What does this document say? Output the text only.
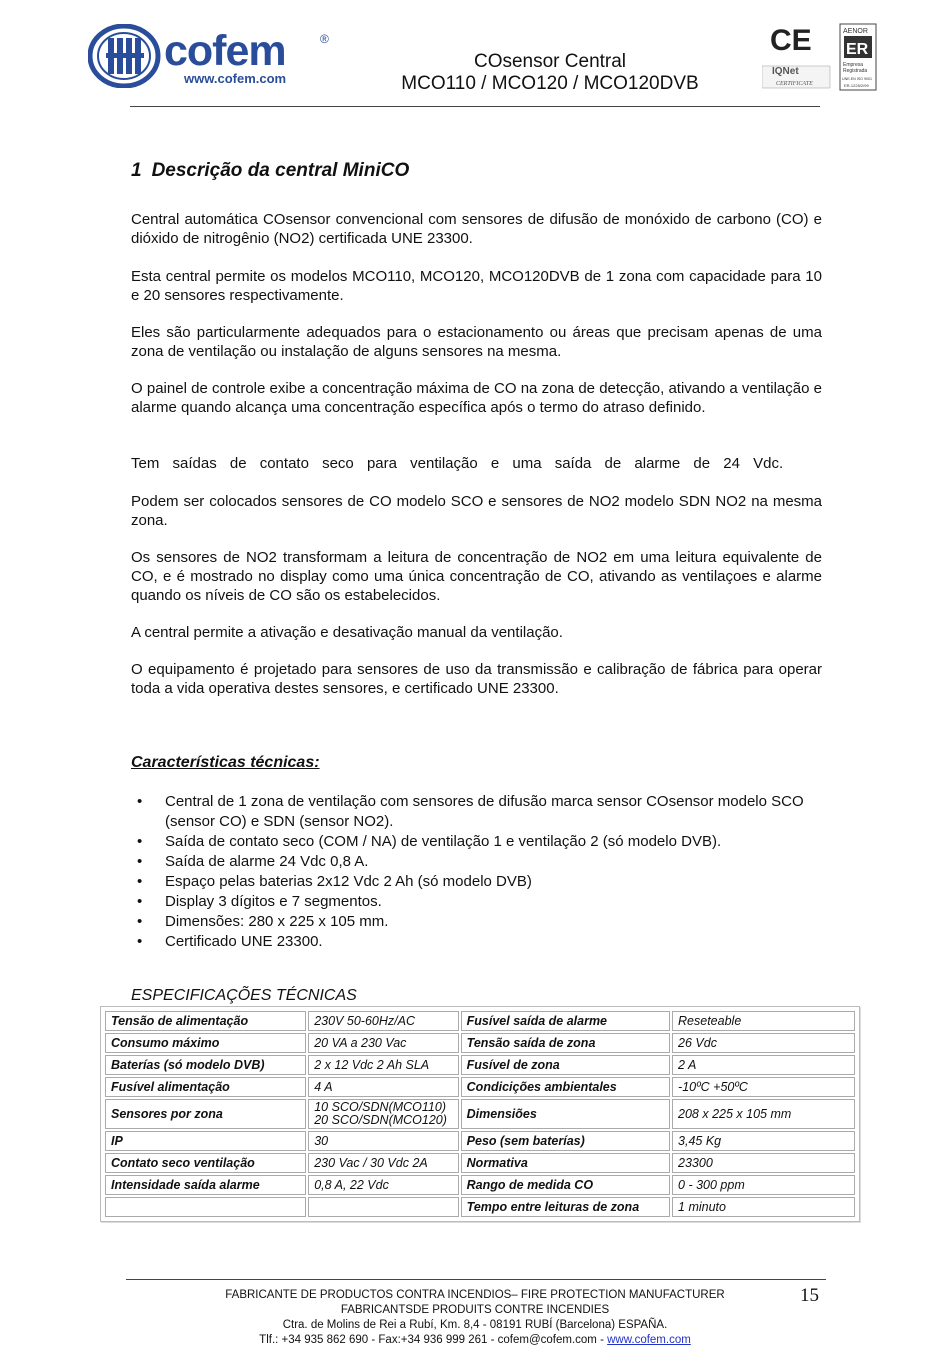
cofem	®
www.cofem.com
COsensor Central
MCO110 / MCO120 / MCO120DVB
CE
IQNet
CERTIFICATE
AENOR
ER
Empresa
Registrada
UNE-EN ISO 9001
ER-1225/2/99
1 Descrição da central MiniCO

Central automática COsensor convencional com sensores de difusão de monóxido de carbono (CO) e dióxido de nitrogênio (NO2) certificada UNE 23300.

Esta central permite os modelos MCO110, MCO120, MCO120DVB de 1 zona com capacidade para 10 e 20 sensores respectivamente.

Eles são particularmente adequados para o estacionamento ou áreas que precisam apenas de uma zona de ventilação ou instalação de alguns sensores na mesma.

O painel de controle exibe a concentração máxima de CO na zona de detecção, ativando a ventilação e alarme quando alcança uma concentração específica após o termo do atraso definido.

Tem saídas de contato seco para ventilação e uma saída de alarme de 24 Vdc.

Podem ser colocados sensores de CO modelo SCO e sensores de NO2 modelo SDN NO2 na mesma zona.

Os sensores de NO2 transformam a leitura de concentração de NO2 em uma leitura equivalente de CO, e é mostrado no display como uma única concentração de CO, ativando as ventilaçoes e alarme quando os níveis de CO são os estabelecidos.

A central permite a ativação e desativação manual da ventilação.

O equipamento é projetado para sensores de uso da transmissão e calibração de fábrica para operar toda a vida operativa destes sensores, e certificado UNE 23300.

Características técnicas:
• Central de 1 zona de ventilação com sensores de difusão marca sensor COsensor modelo SCO (sensor CO) e SDN (sensor NO2).
• Saída de contato seco (COM / NA) de ventilação 1 e ventilação 2 (só modelo DVB).
• Saída de alarme 24 Vdc 0,8 A.
• Espaço pelas baterias 2x12 Vdc 2 Ah (só modelo DVB)
• Display 3 dígitos e 7 segmentos.
• Dimensões: 280 x 225 x 105 mm.
• Certificado UNE 23300.
ESPECIFICAÇÕES TÉCNICAS
Tensão de alimentação	230V 50-60Hz/AC	Fusível saída de alarme	Reseteable
Consumo máximo	20 VA a 230 Vac	Tensão saída de zona	26 Vdc
Baterías (só modelo DVB)	2 x 12 Vdc 2 Ah SLA	Fusível de zona	2 A
Fusível alimentação	4 A	Condicições ambientales	-10ºC +50ºC
Sensores por zona	10 SCO/SDN(MCO110)
20 SCO/SDN(MCO120)	Dimensiões	208 x 225 x 105 mm
IP	30	Peso (sem baterías)	3,45 Kg
Contato seco ventilação	230 Vac / 30 Vdc 2A	Normativa	23300
Intensidade saída alarme	0,8 A, 22 Vdc	Rango de medida CO	0 - 300 ppm
		Tempo entre leituras de zona	1 minuto
FABRICANTE DE PRODUCTOS CONTRA INCENDIOS– FIRE PROTECTION MANUFACTURER
FABRICANTSDE PRODUITS CONTRE INCENDIES
Ctra. de Molins de Rei a Rubí, Km. 8,4 - 08191 RUBÍ (Barcelona) ESPAÑA.
Tlf.: +34 935 862 690 - Fax:+34 936 999 261 - cofem@cofem.com - www.cofem.com
15
